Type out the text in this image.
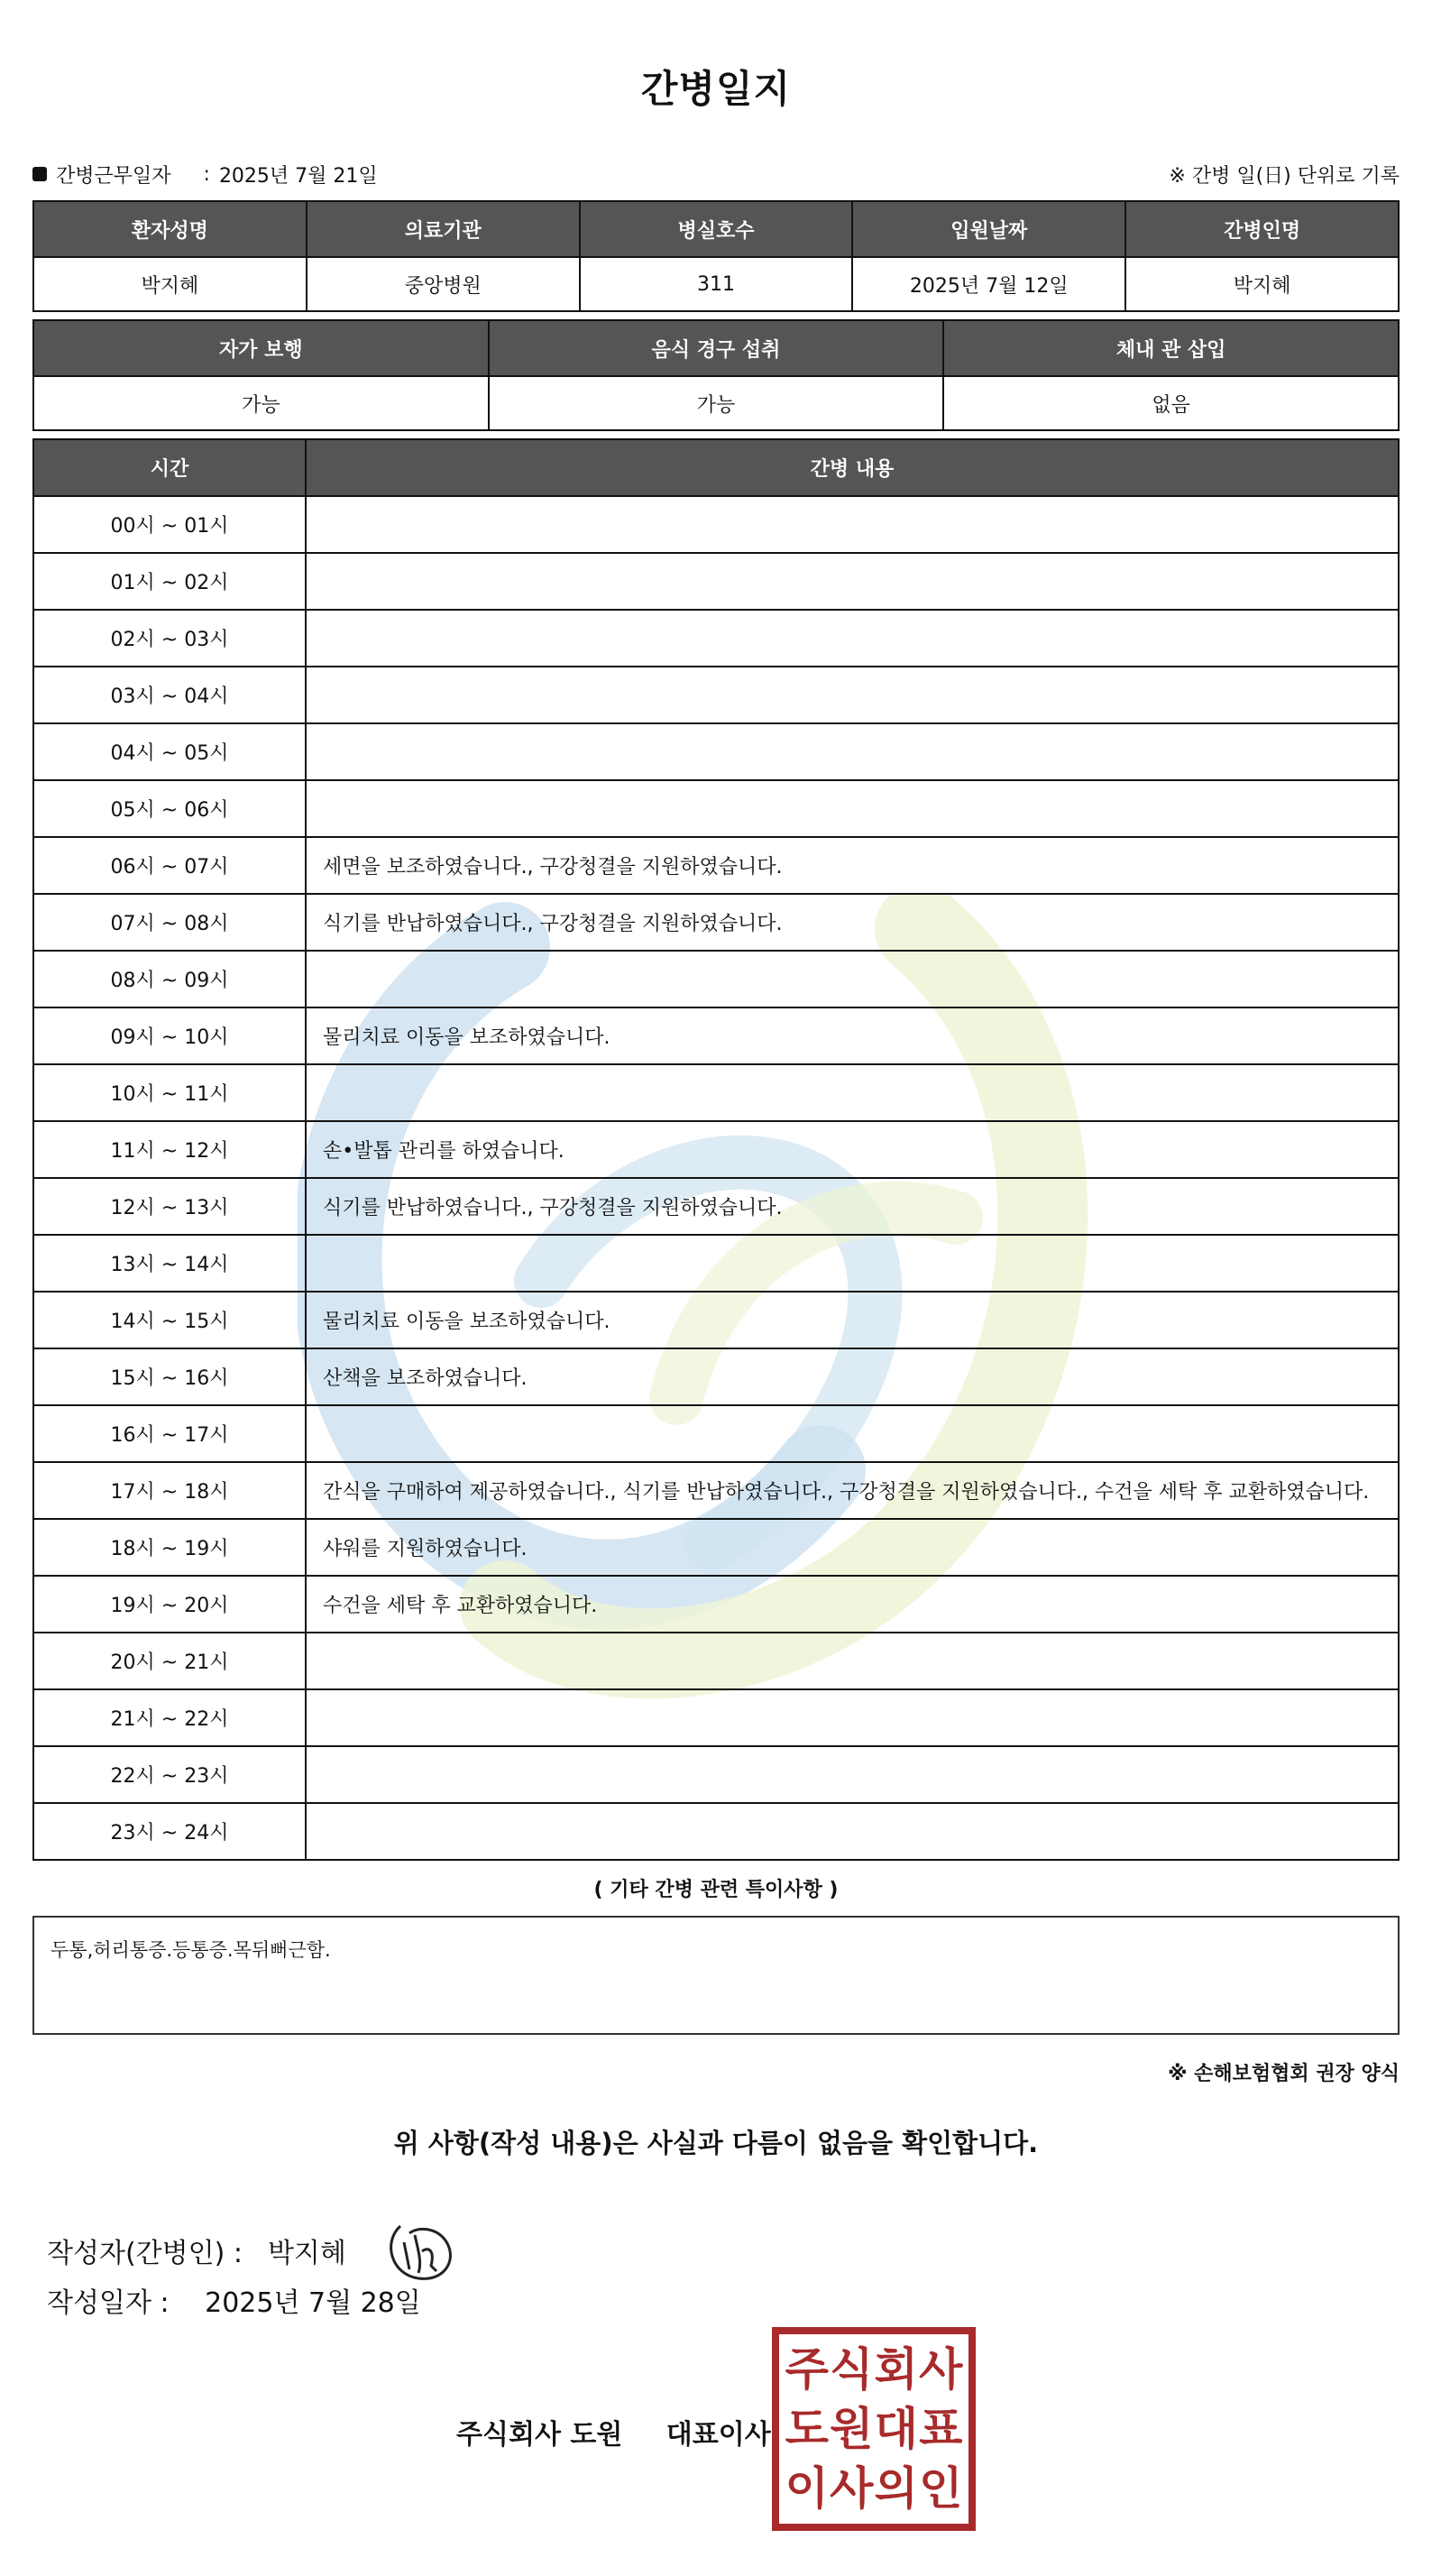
간병일지
간병근무일자 : 2025년 7월 21일	※ 간병 일(日) 단위로 기록
환자성명	의료기관	병실호수	입원날짜	간병인명
박지혜	중앙병원	311	2025년 7월 12일	박지혜
자가 보행	음식 경구 섭취	체내 관 삽입
가능	가능	없음
시간	간병 내용
00시 ~ 01시	
01시 ~ 02시	
02시 ~ 03시	
03시 ~ 04시	
04시 ~ 05시	
05시 ~ 06시	
06시 ~ 07시	세면을 보조하였습니다., 구강청결을 지원하였습니다.
07시 ~ 08시	식기를 반납하였습니다., 구강청결을 지원하였습니다.
08시 ~ 09시	
09시 ~ 10시	물리치료 이동을 보조하였습니다.
10시 ~ 11시	
11시 ~ 12시	손•발톱 관리를 하였습니다.
12시 ~ 13시	식기를 반납하였습니다., 구강청결을 지원하였습니다.
13시 ~ 14시	
14시 ~ 15시	물리치료 이동을 보조하였습니다.
15시 ~ 16시	산책을 보조하였습니다.
16시 ~ 17시	
17시 ~ 18시	간식을 구매하여 제공하였습니다., 식기를 반납하였습니다., 구강청결을 지원하였습니다., 수건을 세탁 후 교환하였습니다.
18시 ~ 19시	샤워를 지원하였습니다.
19시 ~ 20시	수건을 세탁 후 교환하였습니다.
20시 ~ 21시	
21시 ~ 22시	
22시 ~ 23시	
23시 ~ 24시	
( 기타 간병 관련 특이사항 )
두통,허리통증.등통증.목뒤뻐근함.
※ 손해보험협회 권장 양식
위 사항(작성 내용)은 사실과 다름이 없음을 확인합니다.
작성자(간병인) : 박지혜
작성일자 : 2025년 7월 28일
주식회사 도원 대표이사
주 식 회 사
도 원 대 표
이 사 의 인
